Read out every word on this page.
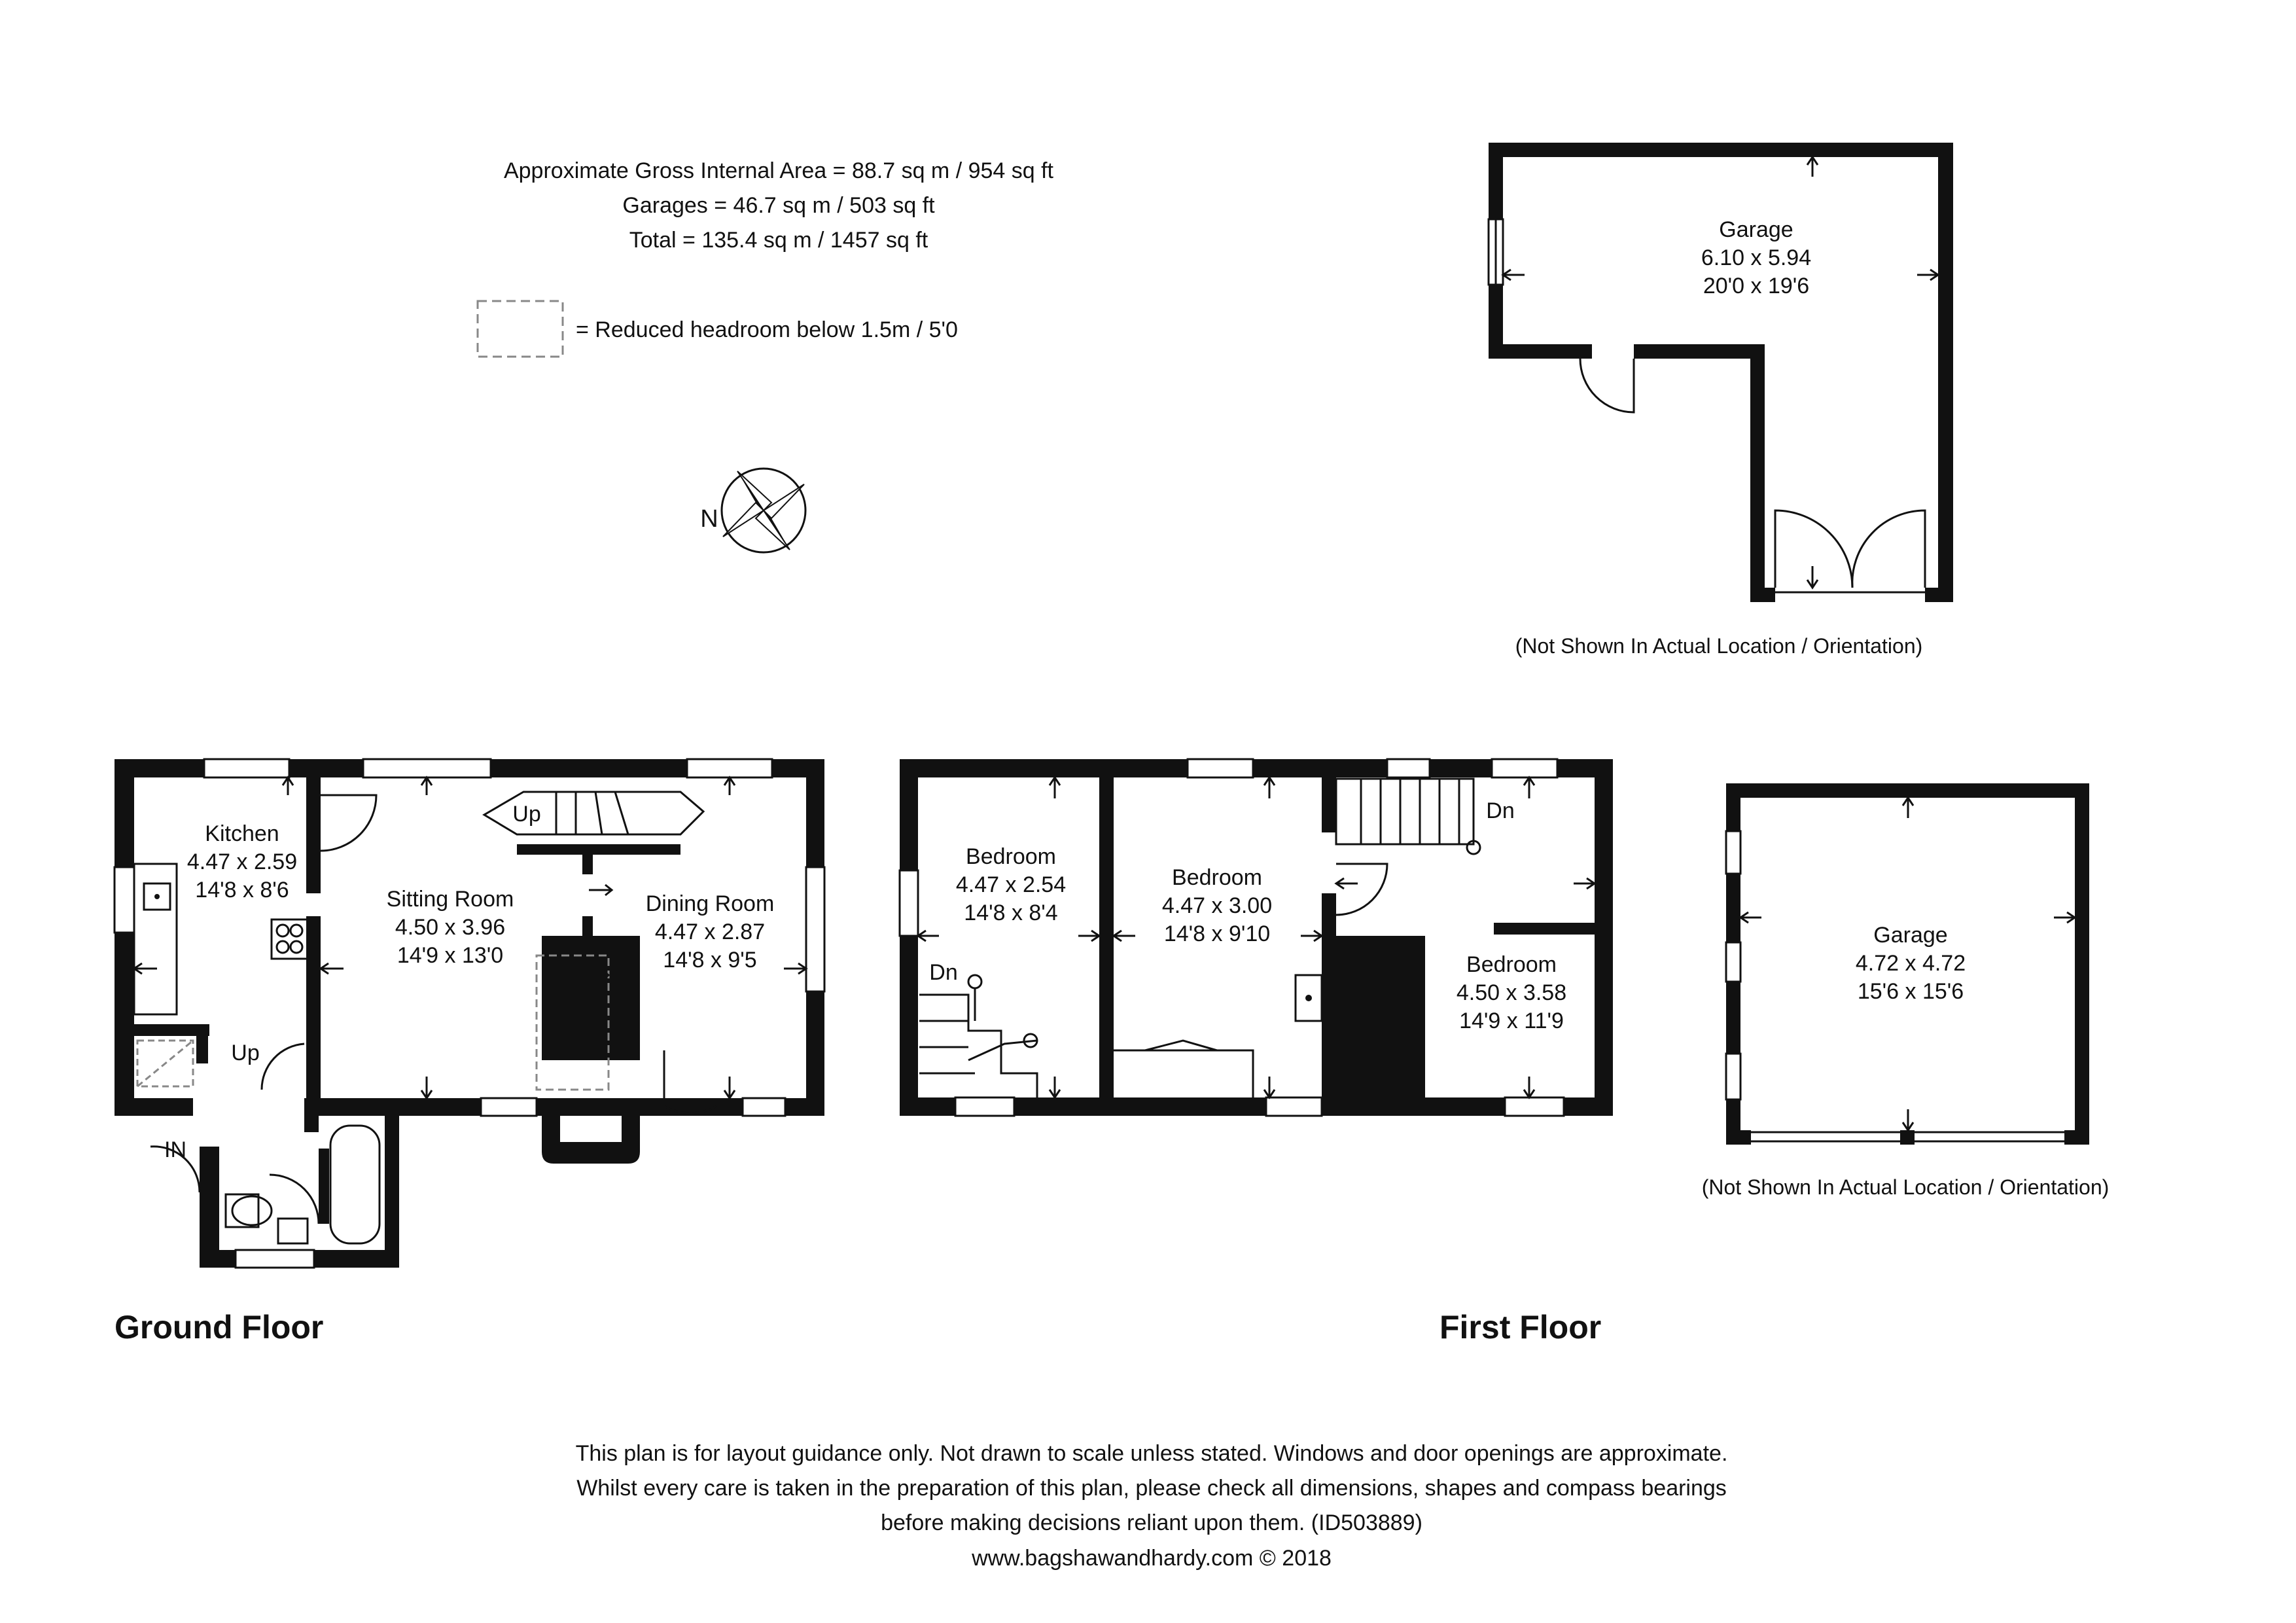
Approximate Gross Internal Area = 88.7 sq m / 954 sq ft
Garages = 46.7 sq m / 503 sq ft
Total = 135.4 sq m / 1457 sq ft
= Reduced headroom below 1.5m / 5'0
N
Garage
6.10 x 5.94
20'0 x 19'6
(Not Shown In Actual Location / Orientation)
Garage
4.72 x 4.72
15'6 x 15'6
(Not Shown In Actual Location / Orientation)
Up
Up
IN
Kitchen
4.47 x 2.59
14'8 x 8'6	Sitting Room
4.50 x 3.96
14'9 x 13'0
Dining Room
4.47 x 2.87
14'8 x 9'5
Ground Floor
Dn
Dn
Bedroom
4.47 x 2.54
14'8 x 8'4
Bedroom
4.47 x 3.00
14'8 x 9'10
Bedroom
4.50 x 3.58
14'9 x 11'9
First Floor
This plan is for layout guidance only. Not drawn to scale unless stated. Windows and door openings are approximate.
Whilst every care is taken in the preparation of this plan, please check all dimensions, shapes and compass bearings
before making decisions reliant upon them. (ID503889)
www.bagshawandhardy.com © 2018
